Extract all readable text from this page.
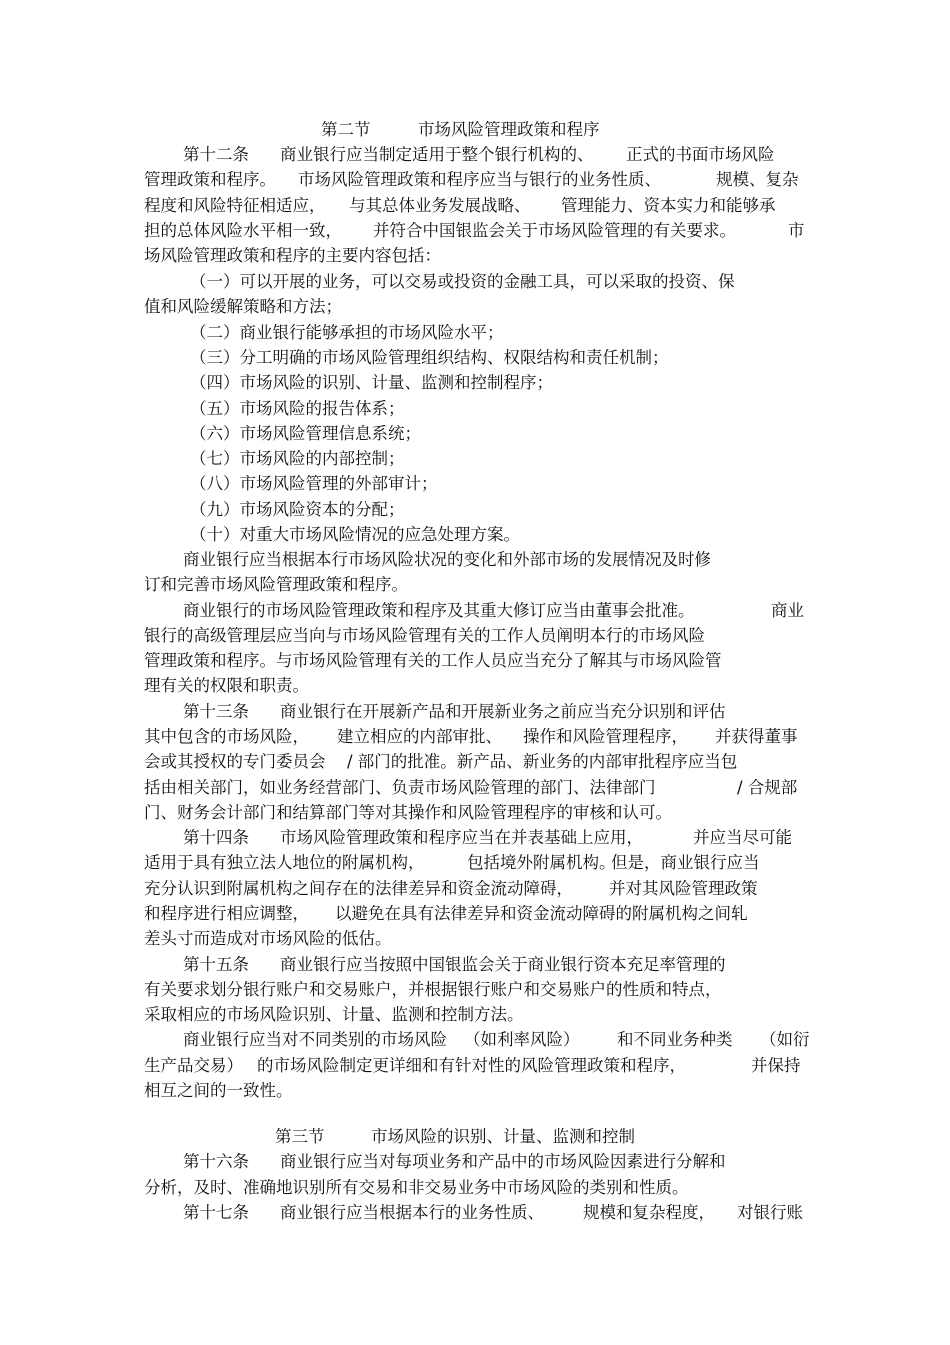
第二节	市场风险管理政策和程序
第十二条 商业银行应当制定适用于整个银行机构的、 正式的书面市场风险
管理政策和程序。 市场风险管理政策和程序应当与银行的业务性质、	规模、复杂
程度和风险特征相适应， 与其总体业务发展战略、 管理能力、资本实力和能够承
担的总体风险水平相一致， 并符合中国银监会关于市场风险管理的有关要求。	市
场风险管理政策和程序的主要内容包括：
（一）可以开展的业务，可以交易或投资的金融工具，可以采取的投资、保
值和风险缓解策略和方法；
（二）商业银行能够承担的市场风险水平；
（三）分工明确的市场风险管理组织结构、权限结构和责任机制；
（四）市场风险的识别、计量、监测和控制程序；
（五）市场风险的报告体系；
（六）市场风险管理信息系统；
（七）市场风险的内部控制；
（八）市场风险管理的外部审计；
（九）市场风险资本的分配；
（十）对重大市场风险情况的应急处理方案。
商业银行应当根据本行市场风险状况的变化和外部市场的发展情况及时修
订和完善市场风险管理政策和程序。
商业银行的市场风险管理政策和程序及其重大修订应当由董事会批准。	商业
银行的高级管理层应当向与市场风险管理有关的工作人员阐明本行的市场风险
管理政策和程序。与市场风险管理有关的工作人员应当充分了解其与市场风险管
理有关的权限和职责。
第十三条 商业银行在开展新产品和开展新业务之前应当充分识别和评估
其中包含的市场风险， 建立相应的内部审批、 操作和风险管理程序， 并获得董事
会或其授权的专门委员会 / 部门的批准。新产品、新业务的内部审批程序应当包
括由相关部门，如业务经营部门、负责市场风险管理的部门、法律部门	/ 合规部
门、财务会计部门和结算部门等对其操作和风险管理程序的审核和认可。
第十四条 市场风险管理政策和程序应当在并表基础上应用，	并应当尽可能
适用于具有独立法人地位的附属机构，	包括境外附属机构。
但是，商业银行应当
充分认识到附属机构之间存在的法律差异和资金流动障碍， 并对其风险管理政策
和程序进行相应调整， 以避免在具有法律差异和资金流动障碍的附属机构之间轧
差头寸而造成对市场风险的低估。
第十五条 商业银行应当按照中国银监会关于商业银行资本充足率管理的
有关要求划分银行账户和交易账户，并根据银行账户和交易账户的性质和特点，
采取相应的市场风险识别、计量、监测和控制方法。
商业银行应当对不同类别的市场风险 （如利率风险） 和不同业务种类 （如衍
生产品交易） 的市场风险制定更详细和有针对性的风险管理政策和程序，	并保持
相互之间的一致性。
第三节	市场风险的识别、计量、监测和控制
第十六条 商业银行应当对每项业务和产品中的市场风险因素进行分解和
分析，及时、准确地识别所有交易和非交易业务中市场风险的类别和性质。
第十七条 商业银行应当根据本行的业务性质、 规模和复杂程度， 对银行账
